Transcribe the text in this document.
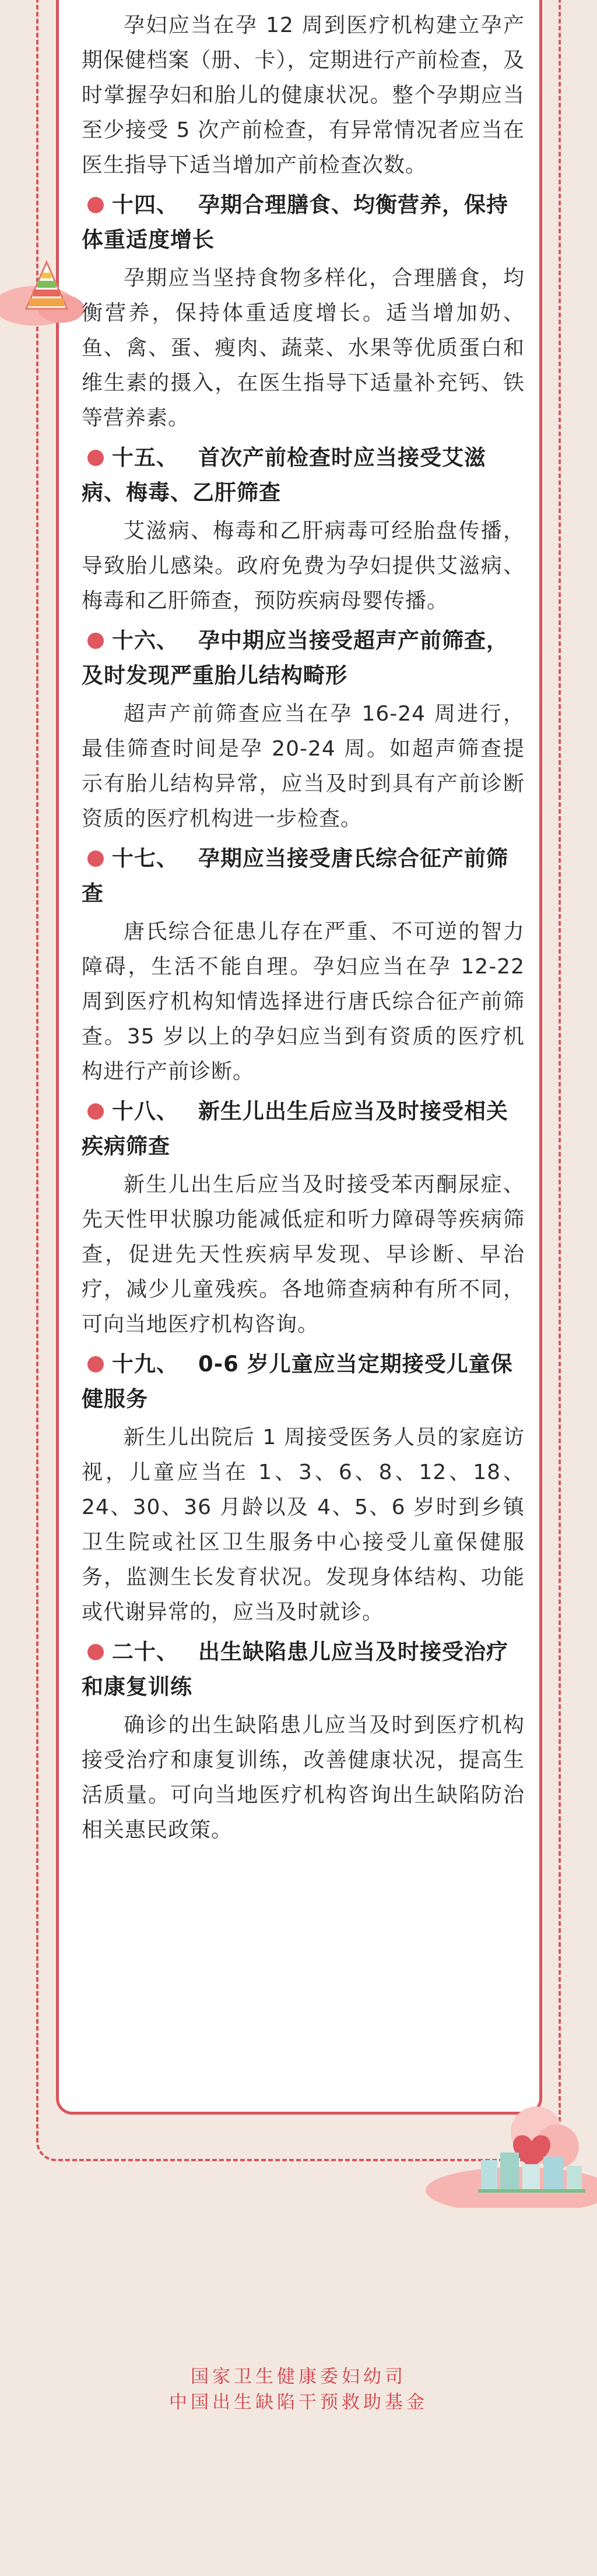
孕妇应当在孕 12 周到医疗机构建立孕产期保健档案（册、卡），定期进行产前检查，及时掌握孕妇和胎儿的健康状况。整个孕期应当至少接受 5 次产前检查，有异常情况者应当在医生指导下适当增加产前检查次数。

十四、 孕期合理膳食、均衡营养，保持体重适度增长

孕期应当坚持食物多样化，合理膳食，均衡营养，保持体重适度增长。适当增加奶、鱼、禽、蛋、瘦肉、蔬菜、水果等优质蛋白和维生素的摄入，在医生指导下适量补充钙、铁等营养素。

十五、 首次产前检查时应当接受艾滋病、梅毒、乙肝筛查

艾滋病、梅毒和乙肝病毒可经胎盘传播，导致胎儿感染。政府免费为孕妇提供艾滋病、梅毒和乙肝筛查，预防疾病母婴传播。

十六、 孕中期应当接受超声产前筛查，及时发现严重胎儿结构畸形

超声产前筛查应当在孕 16-24 周进行，最佳筛查时间是孕 20-24 周。如超声筛查提示有胎儿结构异常，应当及时到具有产前诊断资质的医疗机构进一步检查。

十七、 孕期应当接受唐氏综合征产前筛查

唐氏综合征患儿存在严重、不可逆的智力障碍，生活不能自理。孕妇应当在孕 12-22 周到医疗机构知情选择进行唐氏综合征产前筛查。35 岁以上的孕妇应当到有资质的医疗机构进行产前诊断。

十八、 新生儿出生后应当及时接受相关疾病筛查

新生儿出生后应当及时接受苯丙酮尿症、先天性甲状腺功能减低症和听力障碍等疾病筛查，促进先天性疾病早发现、早诊断、早治疗，减少儿童残疾。各地筛查病种有所不同，可向当地医疗机构咨询。

十九、 0-6 岁儿童应当定期接受儿童保健服务

新生儿出院后 1 周接受医务人员的家庭访视，儿童应当在 1、3、6、8、12、18、24、30、36 月龄以及 4、5、6 岁时到乡镇卫生院或社区卫生服务中心接受儿童保健服务，监测生长发育状况。发现身体结构、功能或代谢异常的，应当及时就诊。

二十、 出生缺陷患儿应当及时接受治疗和康复训练

确诊的出生缺陷患儿应当及时到医疗机构接受治疗和康复训练，改善健康状况，提高生活质量。可向当地医疗机构咨询出生缺陷防治相关惠民政策。

国家卫生健康委妇幼司
中国出生缺陷干预救助基金
